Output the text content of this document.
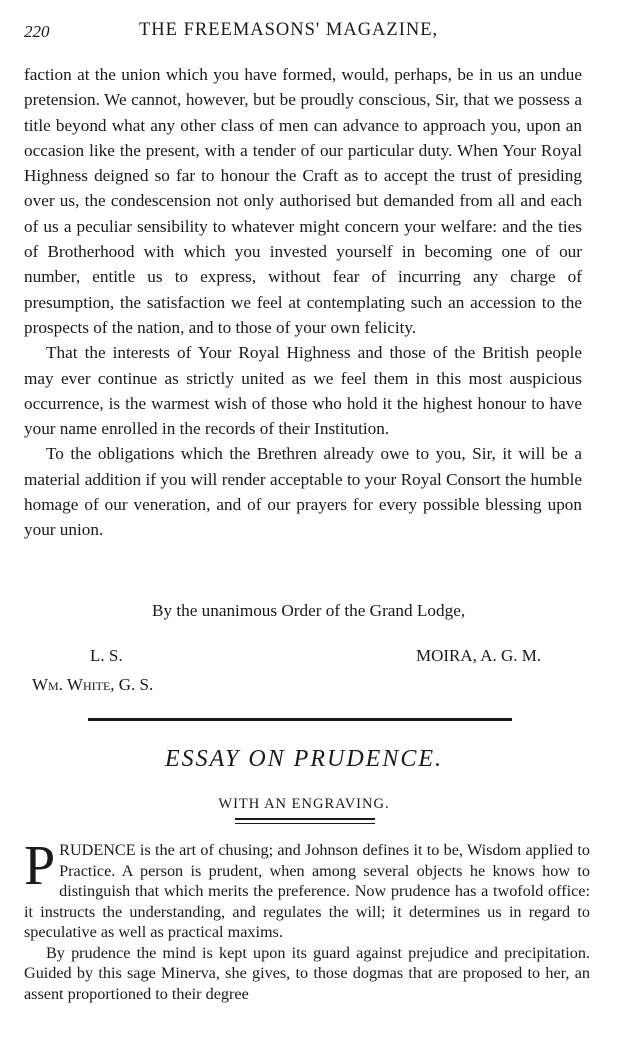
220	THE FREEMASONS' MAGAZINE,

faction at the union which you have formed, would, perhaps, be in us an undue pretension. We cannot, however, but be proudly conscious, Sir, that we possess a title beyond what any other class of men can advance to approach you, upon an occasion like the present, with a tender of our particular duty. When Your Royal Highness deigned so far to honour the Craft as to accept the trust of presiding over us, the condescension not only authorised but demanded from all and each of us a peculiar sensibility to whatever might concern your welfare: and the ties of Brotherhood with which you invested yourself in becoming one of our number, entitle us to express, without fear of incurring any charge of presumption, the satisfaction we feel at contemplating such an accession to the prospects of the nation, and to those of your own felicity.

That the interests of Your Royal Highness and those of the British people may ever continue as strictly united as we feel them in this most auspicious occurrence, is the warmest wish of those who hold it the highest honour to have your name enrolled in the records of their Institution.

To the obligations which the Brethren already owe to you, Sir, it will be a material addition if you will render acceptable to your Royal Consort the humble homage of our veneration, and of our prayers for every possible blessing upon your union.

By the unanimous Order of the Grand Lodge,
L. S.	MOIRA, A. G. M.
Wm. White, G. S.
ESSAY ON PRUDENCE.
WITH AN ENGRAVING.

PRUDENCE is the art of chusing; and Johnson defines it to be, Wisdom applied to Practice. A person is prudent, when among several objects he knows how to distinguish that which merits the preference. Now prudence has a twofold office: it instructs the understanding, and regulates the will; it determines us in regard to speculative as well as practical maxims.

By prudence the mind is kept upon its guard against prejudice and precipitation. Guided by this sage Minerva, she gives, to those dogmas that are proposed to her, an assent proportioned to their degree
